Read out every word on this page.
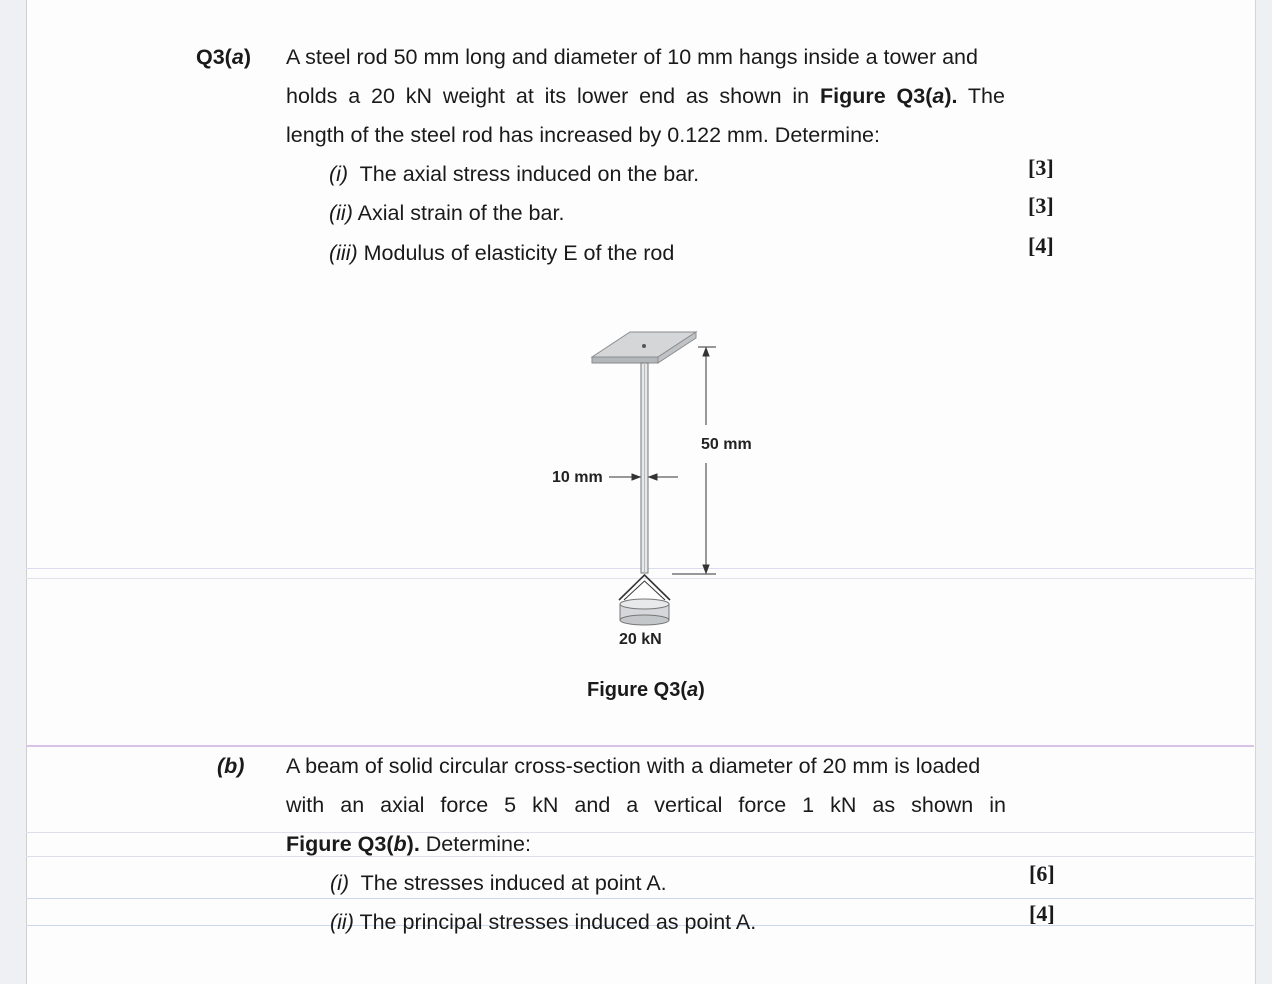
Q3(a) A steel rod 50 mm long and diameter of 10 mm hangs inside a tower and
holds a 20 kN weight at its lower end as shown in Figure Q3(a). The
length of the steel rod has increased by 0.122 mm. Determine:
(i) The axial stress induced on the bar.	[3]
(ii) Axial strain of the bar.	[3]
(iii) Modulus of elasticity E of the rod	[4]
50 mm
10 mm
20 kN
Figure Q3(a)
(b) A beam of solid circular cross-section with a diameter of 20 mm is loaded
with an axial force 5 kN and a vertical force 1 kN as shown in
Figure Q3(b). Determine:
(i) The stresses induced at point A.	[6]
(ii) The principal stresses induced as point A.	[4]
